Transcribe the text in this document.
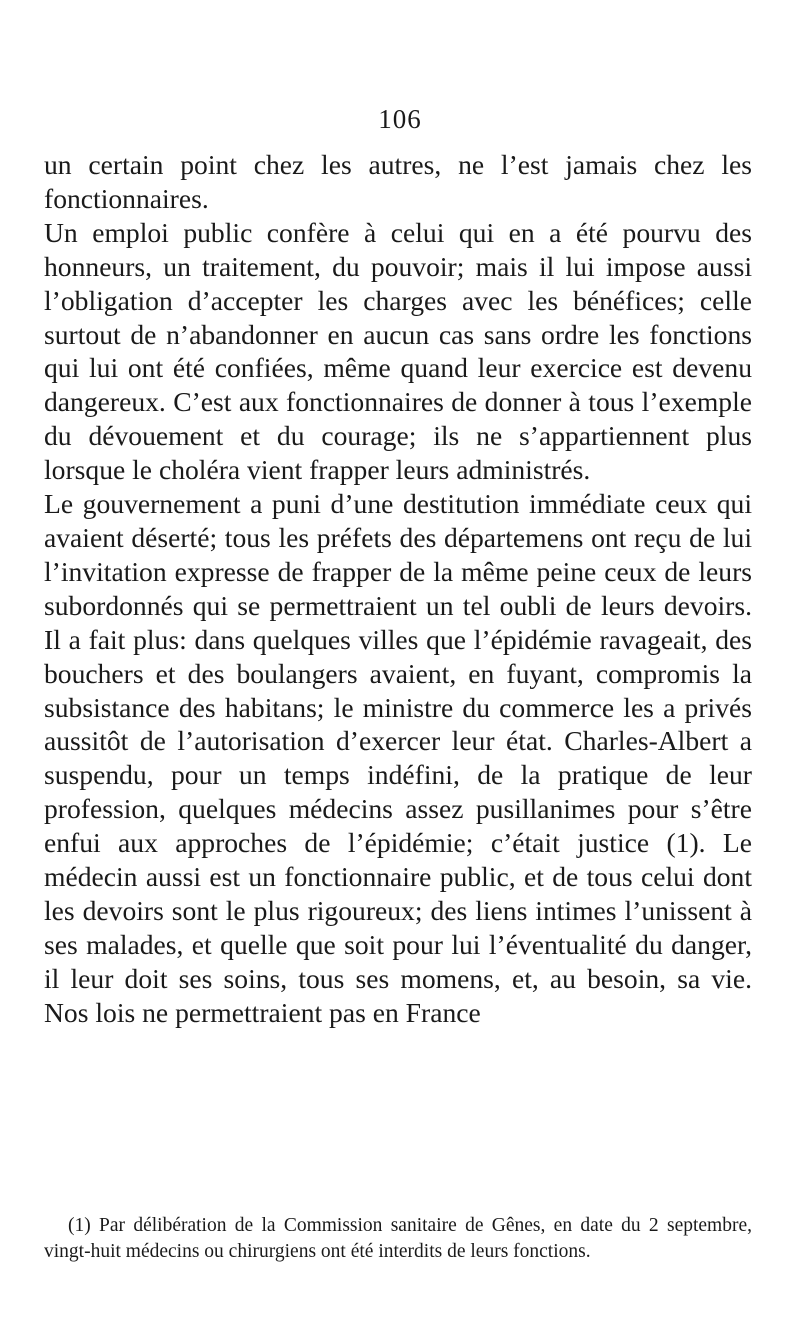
106

un certain point chez les autres, ne l’est jamais chez les fonctionnaires.

Un emploi public confère à celui qui en a été pourvu des honneurs, un traitement, du pouvoir; mais il lui impose aussi l’obligation d’accepter les charges avec les bénéfices; celle surtout de n’abandonner en aucun cas sans ordre les fonctions qui lui ont été confiées, même quand leur exercice est devenu dangereux. C’est aux fonctionnaires de donner à tous l’exemple du dévouement et du courage; ils ne s’appartiennent plus lorsque le choléra vient frapper leurs administrés.

Le gouvernement a puni d’une destitution immédiate ceux qui avaient déserté; tous les préfets des départemens ont reçu de lui l’invitation expresse de frapper de la même peine ceux de leurs subordonnés qui se permettraient un tel oubli de leurs devoirs. Il a fait plus: dans quelques villes que l’épidémie ravageait, des bouchers et des boulangers avaient, en fuyant, compromis la subsistance des habitans; le ministre du commerce les a privés aussitôt de l’autorisation d’exercer leur état. Charles-Albert a suspendu, pour un temps indéfini, de la pratique de leur profession, quelques médecins assez pusillanimes pour s’être enfui aux approches de l’épidémie; c’était justice (1). Le médecin aussi est un fonctionnaire public, et de tous celui dont les devoirs sont le plus rigoureux; des liens intimes l’unissent à ses malades, et quelle que soit pour lui l’éventualité du danger, il leur doit ses soins, tous ses momens, et, au besoin, sa vie. Nos lois ne permettraient pas en France

(1) Par délibération de la Commission sanitaire de Gênes, en date du 2 septembre, vingt-huit médecins ou chirurgiens ont été interdits de leurs fonctions.
